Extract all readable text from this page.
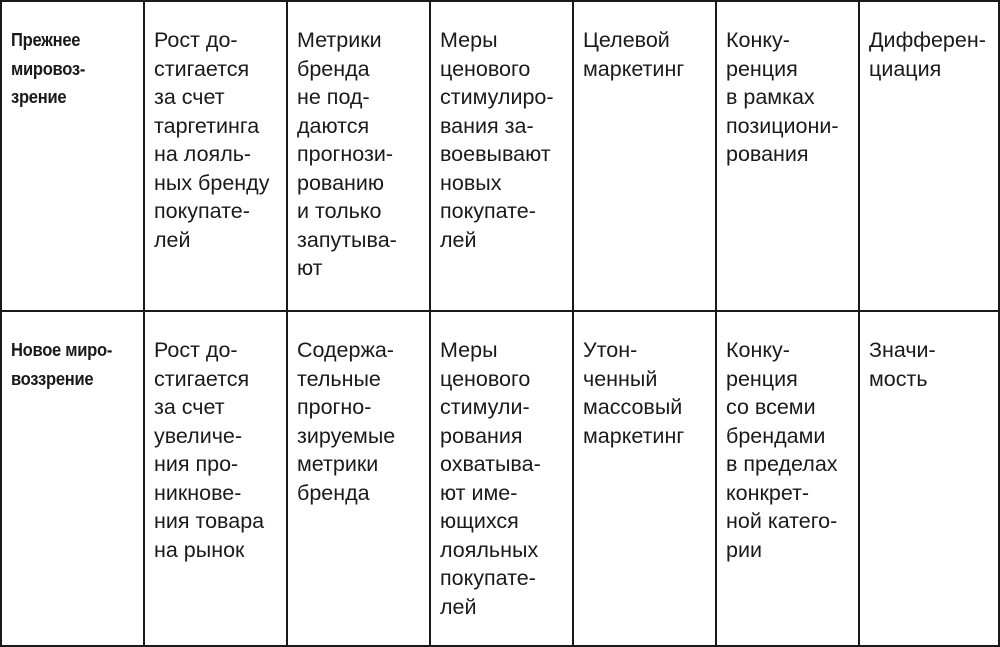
Прежнее
мировоз-
зрение
Рост до-
стигается
за счет
таргетинга
на лояль-
ных бренду
покупате-
лей
Метрики
бренда
не под-
даются
прогнози-
рованию
и только
запутыва-
ют
Меры
ценового
стимулиро-
вания за-
воевывают
новых
покупате-
лей
Целевой
маркетинг
Конку-
ренция
в рамках
позициони-
рования
Дифферен-
циация
Новое миро-
воззрение
Рост до-
стигается
за счет
увеличе-
ния про-
никнове-
ния товара
на рынок
Содержа-
тельные
прогно-
зируемые
метрики
бренда
Меры
ценового
стимули-
рования
охватыва-
ют име-
ющихся
лояльных
покупате-
лей
Утон-
ченный
массовый
маркетинг
Конку-
ренция
со всеми
брендами
в пределах
конкрет-
ной катего-
рии
Значи-
мость
